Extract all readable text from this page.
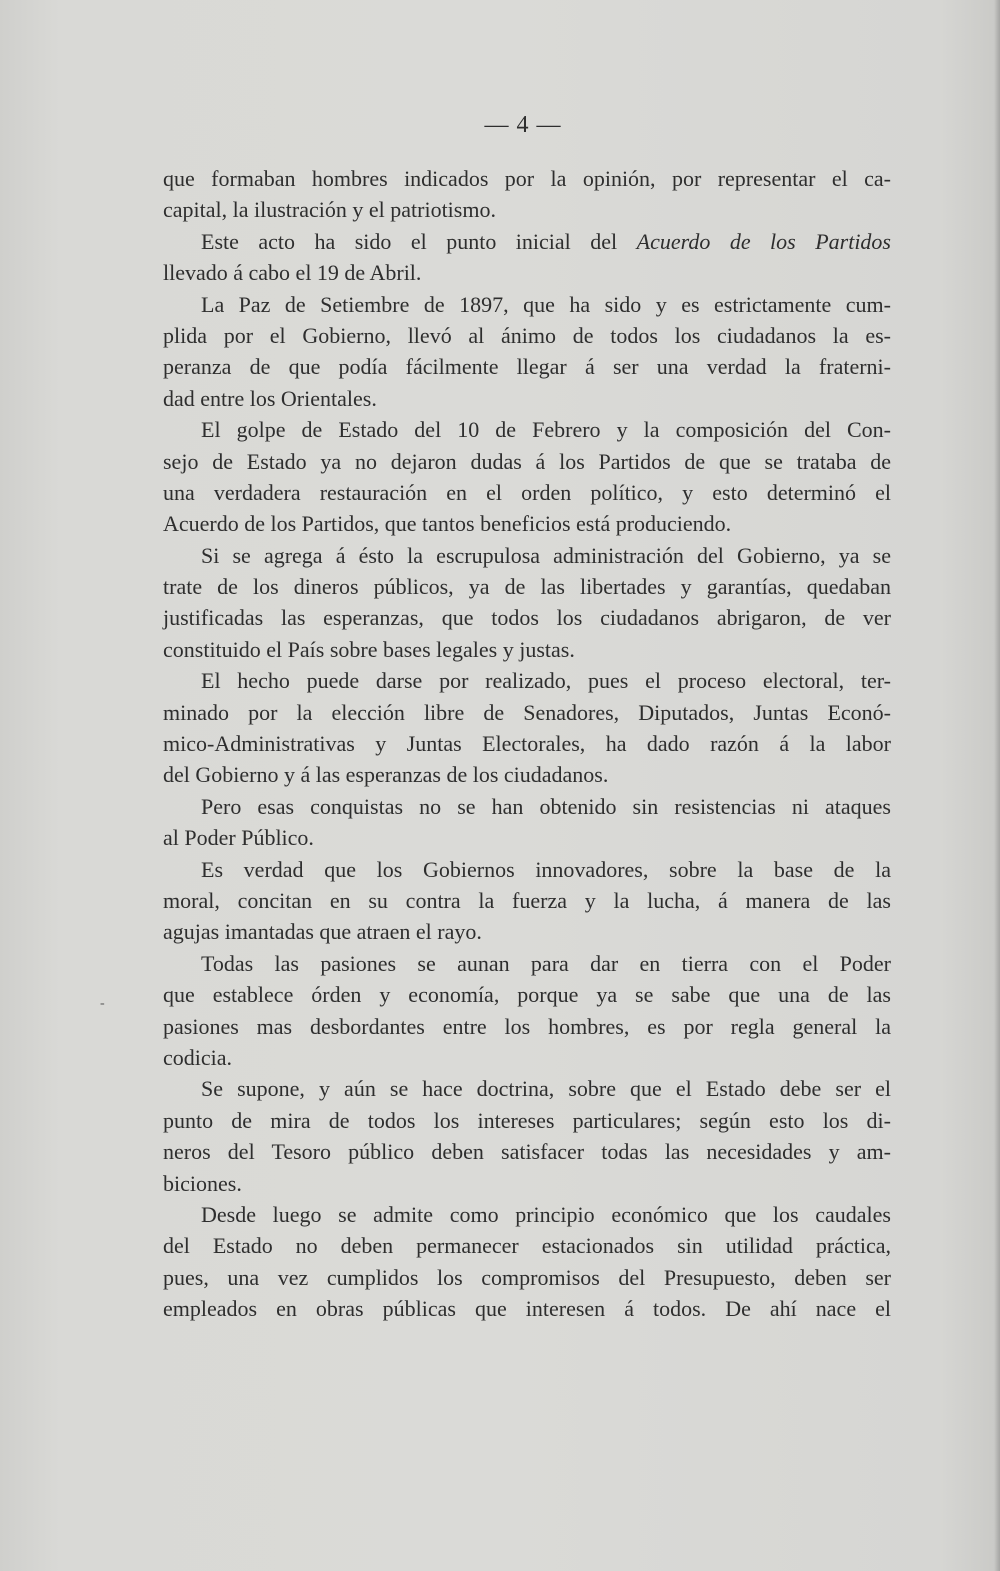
— 4 —
-
que formaban hombres indicados por la opinión, por representar el ca-
capital, la ilustración y el patriotismo.
Este acto ha sido el punto inicial del Acuerdo de los Partidos
llevado á cabo el 19 de Abril.
La Paz de Setiembre de 1897, que ha sido y es estrictamente cum-
plida por el Gobierno, llevó al ánimo de todos los ciudadanos la es-
peranza de que podía fácilmente llegar á ser una verdad la fraterni-
dad entre los Orientales.
El golpe de Estado del 10 de Febrero y la composición del Con-
sejo de Estado ya no dejaron dudas á los Partidos de que se trataba de
una verdadera restauración en el orden político, y esto determinó el
Acuerdo de los Partidos, que tantos beneficios está produciendo.
Si se agrega á ésto la escrupulosa administración del Gobierno, ya se
trate de los dineros públicos, ya de las libertades y garantías, quedaban
justificadas las esperanzas, que todos los ciudadanos abrigaron, de ver
constituido el País sobre bases legales y justas.
El hecho puede darse por realizado, pues el proceso electoral, ter-
minado por la elección libre de Senadores, Diputados, Juntas Econó-
mico-Administrativas y Juntas Electorales, ha dado razón á la labor
del Gobierno y á las esperanzas de los ciudadanos.
Pero esas conquistas no se han obtenido sin resistencias ni ataques
al Poder Público.
Es verdad que los Gobiernos innovadores, sobre la base de la
moral, concitan en su contra la fuerza y la lucha, á manera de las
agujas imantadas que atraen el rayo.
Todas las pasiones se aunan para dar en tierra con el Poder
que establece órden y economía, porque ya se sabe que una de las
pasiones mas desbordantes entre los hombres, es por regla general la
codicia.
Se supone, y aún se hace doctrina, sobre que el Estado debe ser el
punto de mira de todos los intereses particulares; según esto los di-
neros del Tesoro público deben satisfacer todas las necesidades y am-
biciones.
Desde luego se admite como principio económico que los caudales
del Estado no deben permanecer estacionados sin utilidad práctica,
pues, una vez cumplidos los compromisos del Presupuesto, deben ser
empleados en obras públicas que interesen á todos. De ahí nace el
